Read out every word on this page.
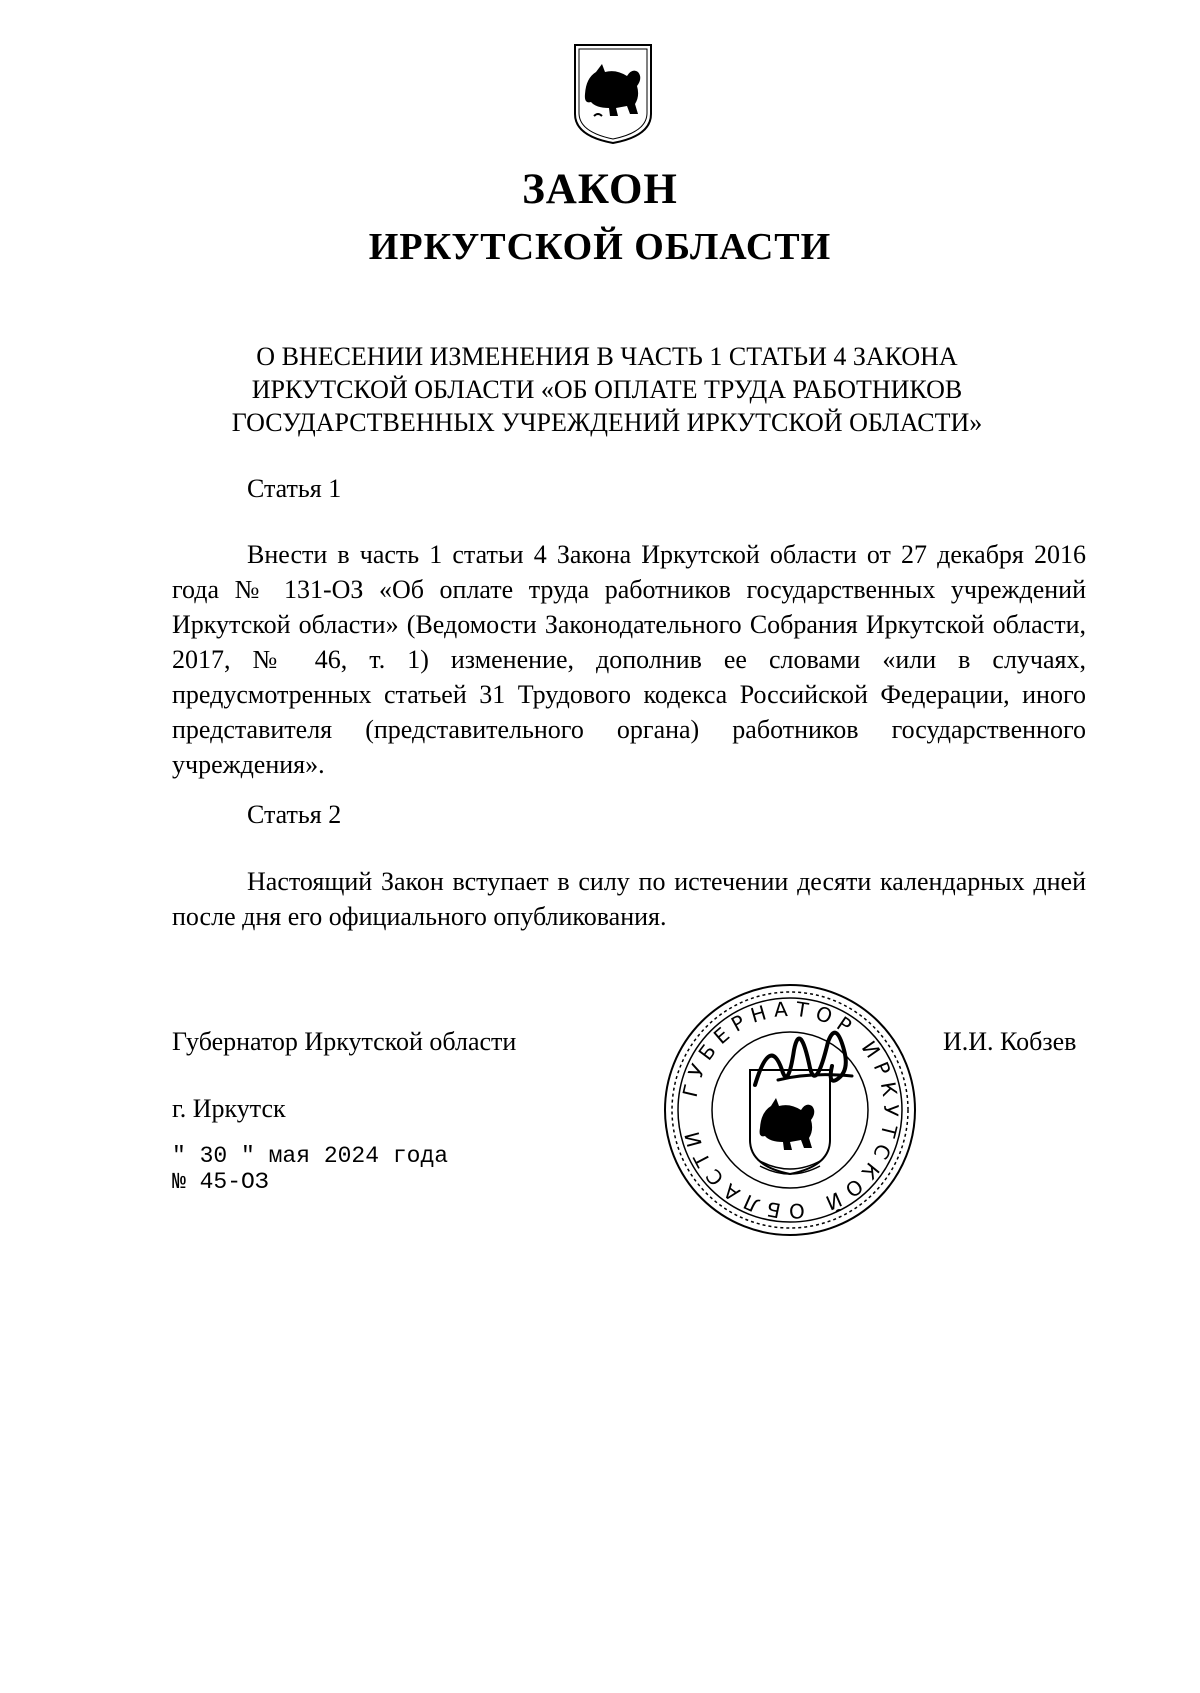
ЗАКОН
ИРКУТСКОЙ ОБЛАСТИ
О ВНЕСЕНИИ ИЗМЕНЕНИЯ В ЧАСТЬ 1 СТАТЬИ 4 ЗАКОНА
ИРКУТСКОЙ ОБЛАСТИ «ОБ ОПЛАТЕ ТРУДА РАБОТНИКОВ
ГОСУДАРСТВЕННЫХ УЧРЕЖДЕНИЙ ИРКУТСКОЙ ОБЛАСТИ»
Статья 1

Внести в часть 1 статьи 4 Закона Иркутской области от 27 декабря 2016 года № 131-ОЗ «Об оплате труда работников государственных учреждений Иркутской области» (Ведомости Законодательного Собрания Иркутской области, 2017, № 46, т. 1) изменение, дополнив ее словами «или в случаях, предусмотренных статьей 31 Трудового кодекса Российской Федерации, иного представителя (представительного органа) работников государственного учреждения».

Статья 2

Настоящий Закон вступает в силу по истечении десяти календарных дней после дня его официального опубликования.

Губернатор Иркутской области	И.И. Кобзев
г. Иркутск
" 30 " мая 2024 года
№ 45-ОЗ
ГУБЕРНАТОР ИРКУТСКОЙ ОБЛАСТИ
